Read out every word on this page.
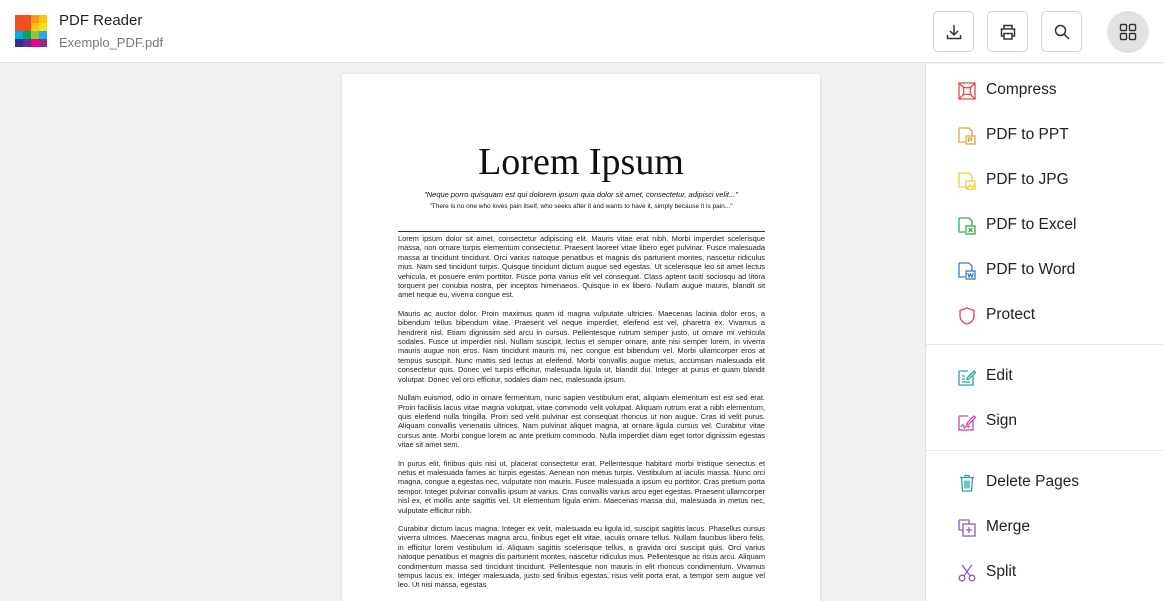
PDF Reader
Exemplo_PDF.pdf
Lorem Ipsum
"Neque porro quisquam est qui dolorem ipsum quia dolor sit amet, consectetur, adipisci velit..."
"There is no one who loves pain itself, who seeks after it and wants to have it, simply because it is pain..."

Lorem ipsum dolor sit amet, consectetur adipiscing elit. Mauris vitae erat nibh. Morbi imperdiet scelerisque massa, non ornare turpis elementum consectetur. Praesent laoreet vitae libero eget pulvinar. Fusce malesuada massa at tincidunt tincidunt. Orci varius natoque penatibus et magnis dis parturient montes, nascetur ridiculus mus. Nam sed tincidunt turpis. Quisque tincidunt dictum augue sed egestas. Ut scelerisque leo sit amet lectus vehicula, et posuere enim porttitor. Fusce porta varius elit vel consequat. Class aptent taciti sociosqu ad litora torquent per conubia nostra, per inceptos himenaeos. Quisque in ex libero. Nullam augue mauris, blandit sit amet neque eu, viverra congue est.

Mauris ac auctor dolor. Proin maximus quam id magna vulputate ultricies. Maecenas lacinia dolor eros, a bibendum tellus bibendum vitae. Praesent vel neque imperdiet, eleifend est vel, pharetra ex. Vivamus a hendrerit nisl. Etiam dignissim sed arcu in cursus. Pellentesque rutrum semper justo, ut ornare mi vehicula sodales. Fusce ut imperdiet nisl. Nullam suscipit, lectus et semper ornare, ante nisi semper lorem, in viverra mauris augue non eros. Nam tincidunt mauris mi, nec congue est bibendum vel. Morbi ullamcorper eros at tempus suscipit. Nunc mattis sed lectus at eleifend. Morbi convallis augue metus, accumsan malesuada elit consectetur quis. Donec vel turpis efficitur, malesuada ligula ut, blandit dui. Integer at purus et quam blandit volutpat. Donec vel orci efficitur, sodales diam nec, malesuada ipsum.

Nullam euismod, odio in ornare fermentum, nunc sapien vestibulum erat, aliquam elementum est est sed erat. Proin facilisis lacus vitae magna volutpat, vitae commodo velit volutpat. Aliquam rutrum erat a nibh elementum, quis eleifend nulla fringilla. Proin sed velit pulvinar est consequat rhoncus ut non augue. Cras id velit purus. Aliquam convallis venenatis ultrices. Nam pulvinar aliquet magna, at ornare ligula cursus vel. Curabitur vitae cursus ante. Morbi congue lorem ac ante pretium commodo. Nulla imperdiet diam eget tortor dignissim egestas vitae sit amet sem.

In purus elit, finibus quis nisi ut, placerat consectetur erat. Pellentesque habitant morbi tristique senectus et netus et malesuada fames ac turpis egestas. Aenean non metus turpis. Vestibulum at iaculis massa. Nunc orci magna, congue a egestas nec, vulputate non mauris. Fusce malesuada a ipsum eu porttitor. Cras pretium porta tempor. Integer pulvinar convallis ipsum at varius. Cras convallis varius arcu eget egestas. Praesent ullamcorper nisl ex, et mollis ante sagittis vel. Ut elementum ligula enim. Maecenas massa dui, malesuada in metus nec, vulputate efficitur nibh.

Curabitur dictum lacus magna. Integer ex velit, malesuada eu ligula id, suscipit sagittis lacus. Phasellus cursus viverra ultrices. Maecenas magna arcu, finibus eget elit vitae, iaculis ornare tellus. Nullam faucibus libero felis, in efficitur lorem vestibulum id. Aliquam sagittis scelerisque tellus, a gravida orci suscipit quis. Orci varius natoque penatibus et magnis dis parturient montes, nascetur ridiculus mus. Pellentesque ac risus arcu. Aliquam condimentum massa sed tincidunt tincidunt. Pellentesque non mauris in elit rhoncus condimentum. Vivamus tempus lacus ex. Integer malesuada, justo sed finibus egestas, risus velit porta erat, a tempor sem augue vel leo. Ut nisi massa, egestas

Compress
PDF to PPT
PDF to JPG
PDF to Excel
PDF to Word
Protect
Edit
Sign
Delete Pages
Merge
Split
